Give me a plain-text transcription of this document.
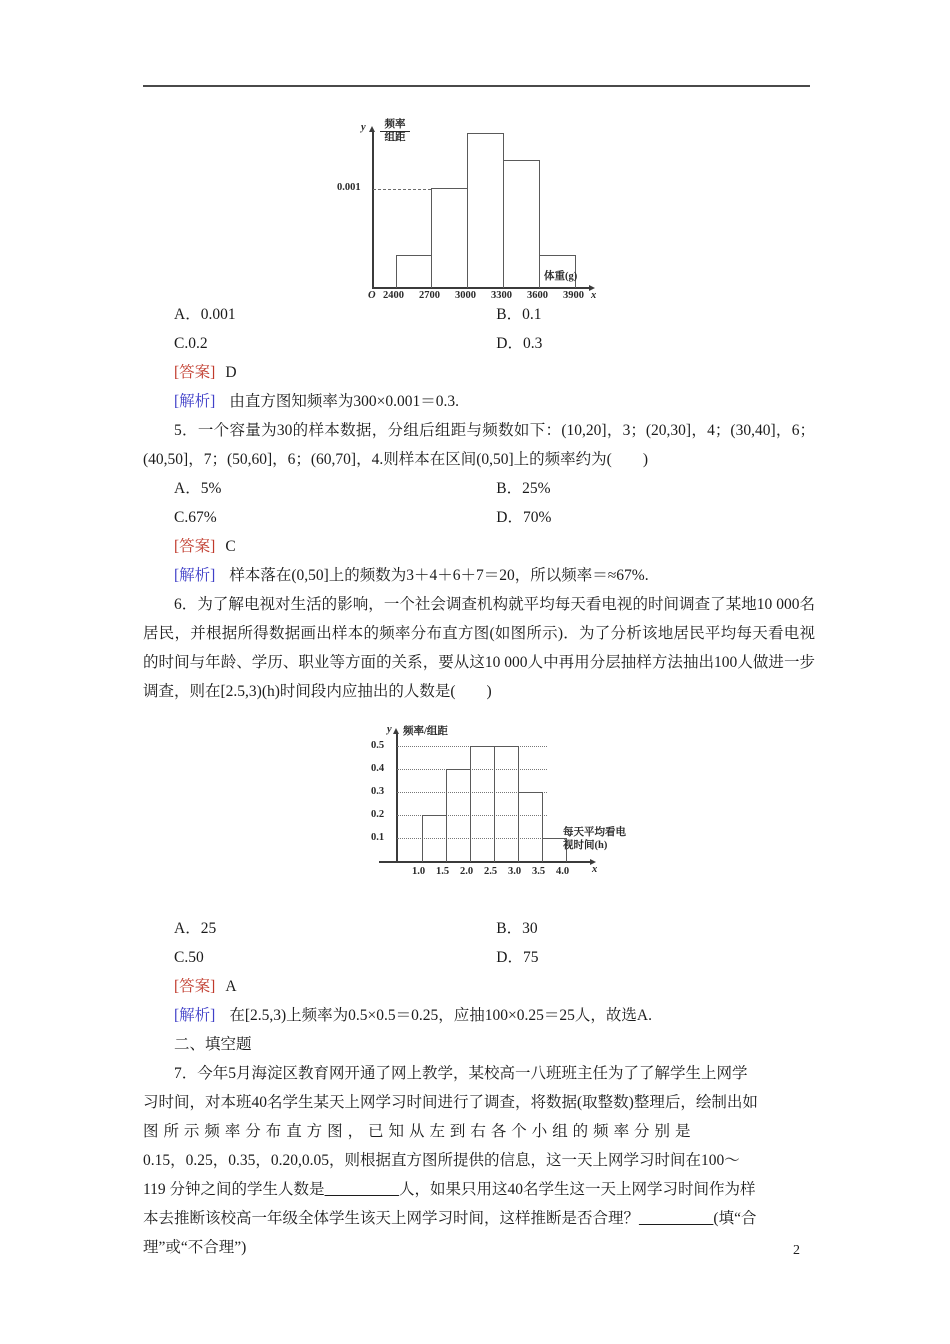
y	频率
组距
0.001
体重(g)
x
O 2400 2700 3000 3300 3600 3900
A．0.001	B．0.1
C.0.2	D．0.3
[答案] D
[解析] 由直方图知频率为300×0.001＝0.3.

5．一个容量为30的样本数据，分组后组距与频数如下：(10,20]，3；(20,30]，4；(30,40]，6；(40,50]，7；(50,60]，6；(60,70]，4.则样本在区间(0,50]上的频率约为(　　)

A．5%	B．25%
C.67%	D．70%
[答案] C
[解析] 样本落在(0,50]上的频数为3＋4＋6＋7＝20，所以频率＝≈67%.

6．为了解电视对生活的影响，一个社会调查机构就平均每天看电视的时间调查了某地10 000名居民，并根据所得数据画出样本的频率分布直方图(如图所示)．为了分析该地居民平均每天看电视的时间与年龄、学历、职业等方面的关系，要从这10 000人中再用分层抽样方法抽出100人做进一步调查，则在[2.5,3)(h)时间段内应抽出的人数是(　　)

y 频率/组距
0.5
0.4
0.3
0.2
0.1	每天平均看电
视时间(h)
x
1.0 1.5 2.0 2.5 3.0 3.5 4.0
A．25	B．30
C.50	D．75
[答案] A
[解析] 在[2.5,3)上频率为0.5×0.5＝0.25，应抽100×0.25＝25人，故选A.
二、填空题

7．今年5月海淀区教育网开通了网上教学，某校高一八班班主任为了了解学生上网学

习时间，对本班40名学生某天上网学习时间进行了调查，将数据(取整数)整理后，绘制出如

图所示频率分布直方图，已知从左到右各个小组的频率分别是

0.15，0.25，0.35，0.20,0.05，则根据直方图所提供的信息，这一天上网学习时间在100～

119 分钟之间的学生人数是________人，如果只用这40名学生这一天上网学习时间作为样

本去推断该校高一年级全体学生该天上网学习时间，这样推断是否合理？________(填“合

理”或“不合理”)	2
